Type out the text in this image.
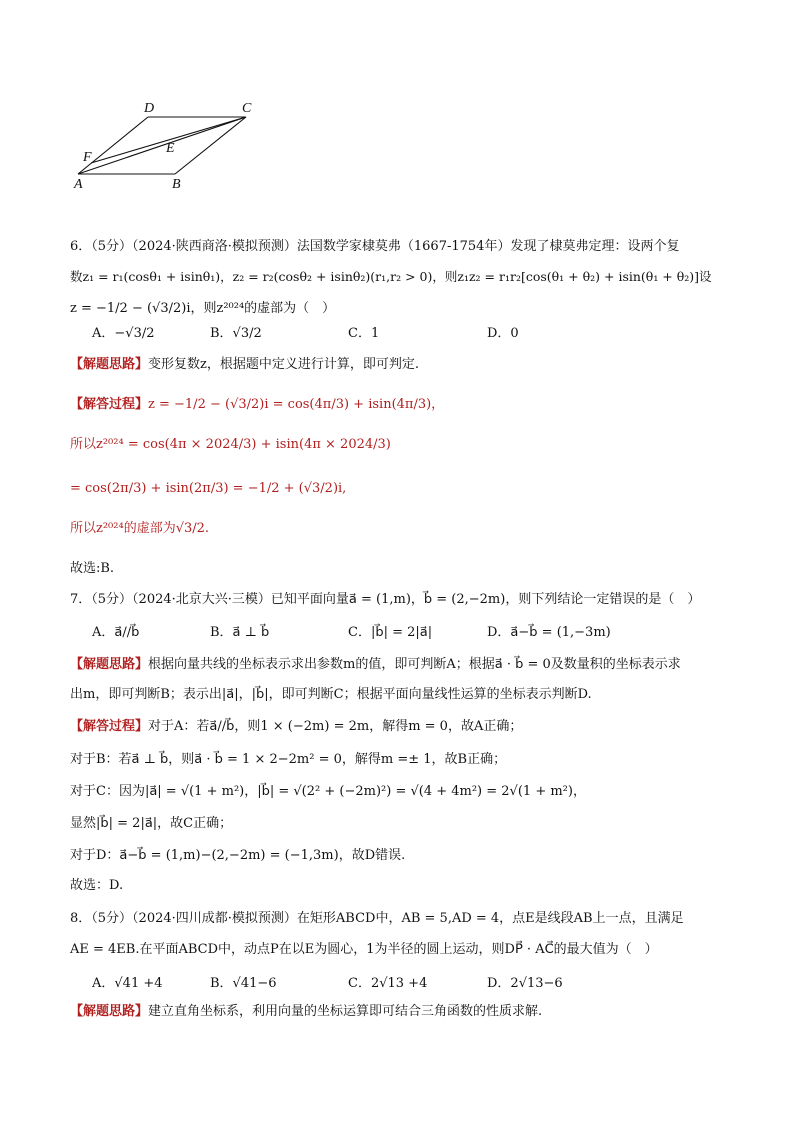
D	C
E
F
A	B
6．（5分）（2024·陕西商洛·模拟预测）法国数学家棣莫弗（1667-1754年）发现了棣莫弗定理：设两个复
数z₁ = r₁(cosθ₁ + isinθ₁)，z₂ = r₂(cosθ₂ + isinθ₂)(r₁,r₂ > 0)，则z₁z₂ = r₁r₂[cos(θ₁ + θ₂) + isin(θ₁ + θ₂)]设
z = −1/2 − (√3/2)i，则z²⁰²⁴的虚部为（　）
A．−√3/2	B．√3/2	C．1	D．0
【解题思路】变形复数z，根据题中定义进行计算，即可判定.
【解答过程】z = −1/2 − (√3/2)i = cos(4π/3) + isin(4π/3)，
所以z²⁰²⁴ = cos(4π × 2024/3) + isin(4π × 2024/3)
= cos(2π/3) + isin(2π/3) = −1/2 + (√3/2)i,
所以z²⁰²⁴的虚部为√3/2.
故选:B.
7．（5分）（2024·北京大兴·三模）已知平面向量a⃗ = (1,m)，b⃗ = (2,−2m)，则下列结论一定错误的是（　）
A．a⃗//b⃗	B．a⃗ ⊥ b⃗	C．|b⃗| = 2|a⃗|	D．a⃗−b⃗ = (1,−3m)
【解题思路】根据向量共线的坐标表示求出参数m的值，即可判断A；根据a⃗ · b⃗ = 0及数量积的坐标表示求
出m，即可判断B；表示出|a⃗|，|b⃗|，即可判断C；根据平面向量线性运算的坐标表示判断D.
【解答过程】对于A：若a⃗//b⃗，则1 × (−2m) = 2m，解得m = 0，故A正确；
对于B：若a⃗ ⊥ b⃗，则a⃗ · b⃗ = 1 × 2−2m² = 0，解得m =± 1，故B正确；
对于C：因为|a⃗| = √(1 + m²)，|b⃗| = √(2² + (−2m)²) = √(4 + 4m²) = 2√(1 + m²)，
显然|b⃗| = 2|a⃗|，故C正确；
对于D：a⃗−b⃗ = (1,m)−(2,−2m) = (−1,3m)，故D错误.
故选：D.
8．（5分）（2024·四川成都·模拟预测）在矩形ABCD中，AB = 5,AD = 4，点E是线段AB上一点，且满足
AE = 4EB.在平面ABCD中，动点P在以E为圆心，1为半径的圆上运动，则DP⃗ · AC⃗的最大值为（　）
A．√41 +4	B．√41−6	C．2√13 +4	D．2√13−6
【解题思路】建立直角坐标系，利用向量的坐标运算即可结合三角函数的性质求解.
